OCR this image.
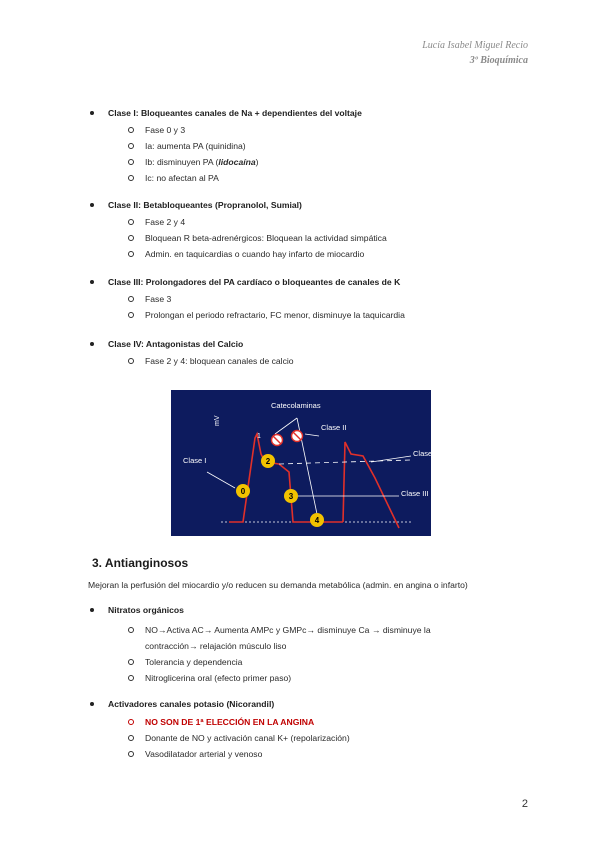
Lucía Isabel Miguel Recio
3º Bioquímica
Clase I: Bloqueantes canales de Na + dependientes del voltaje
Fase 0 y 3
Ia: aumenta PA (quinidina)
Ib: disminuyen PA (lidocaína)
Ic: no afectan al PA
Clase II: Betabloqueantes (Propranolol, Sumial)
Fase 2 y 4
Bloquean R beta-adrenérgicos: Bloquean la actividad simpática
Admin. en taquicardias o cuando hay infarto de miocardio
Clase III: Prolongadores del PA cardíaco o bloqueantes de canales de K
Fase 3
Prolongan el periodo refractario, FC menor, disminuye la taquicardia
Clase IV: Antagonistas del Calcio
Fase 2 y 4: bloquean canales de calcio
0
2
3
4
1
mV
Catecolaminas
Clase I
Clase II
Clase III
Clase IV
3. Antianginosos
Mejoran la perfusión del miocardio y/o reducen su demanda metabólica (admin. en angina o infarto)
Nitratos orgánicos
NO→Activa AC→ Aumenta AMPc y GMPc→ disminuye Ca → disminuye la
contracción→ relajación músculo liso
Tolerancia y dependencia
Nitroglicerina oral (efecto primer paso)
Activadores canales potasio (Nicorandil)
NO SON DE 1ª ELECCIÓN EN LA ANGINA
Donante de NO y activación canal K+ (repolarización)
Vasodilatador arterial y venoso
2
